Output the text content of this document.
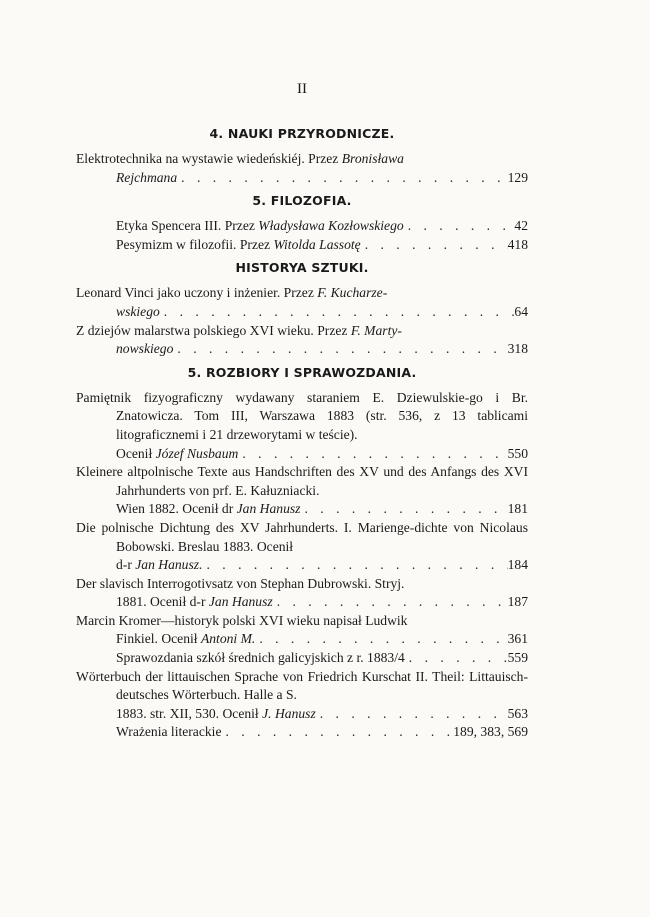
II
4. NAUKI PRZYRODNICZE.
Elektrotechnika na wystawie wiedeńskiéj. Przez Bronisława
Rejchmana . . .	129
5. FILOZOFIA.
Etyka Spencera III. Przez Władysława Kozłowskiego . . .	42
Pesymizm w filozofii. Przez Witolda Lassotę . . .	418
HISTORYA SZTUKI.
Leonard Vinci jako uczony i inżenier. Przez F. Kucharze-
wskiego . . .	64
Z dziejów malarstwa polskiego XVI wieku. Przez F. Marty-
nowskiego . . .	318
5. ROZBIORY I SPRAWOZDANIA.
Pamiętnik fizyograficzny wydawany staraniem E. Dziewulskie-go i Br. Znatowicza. Tom III, Warszawa 1883 (str. 536, z 13 tablicami litograficznemi i 21 drzeworytami w teście).
Ocenił Józef Nusbaum . . .	550
Kleinere altpolnische Texte aus Handschriften des XV und des Anfangs des XVI Jahrhunderts von prf. E. Kałuzniacki.
Wien 1882. Ocenił dr Jan Hanusz . . .	181
Die polnische Dichtung des XV Jahrhunderts. I. Marienge-dichte von Nicolaus Bobowski. Breslau 1883. Ocenił
d-r Jan Hanusz. . . .	184
Der slavisch Interrogotivsatz von Stephan Dubrowski. Stryj.
1881. Ocenił d-r Jan Hanusz . . .	187
Marcin Kromer—historyk polski XVI wieku napisał Ludwik
Finkiel. Ocenił Antoni M. . . .	361
Sprawozdania szkół średnich galicyjskich z r. 1883/4 . . .	559
Wörterbuch der littauischen Sprache von Friedrich Kurschat II. Theil: Littauisch-deutsches Wörterbuch. Halle a S.
1883. str. XII, 530. Ocenił J. Hanusz . . .	563
Wrażenia literackie . . .	189, 383, 569
